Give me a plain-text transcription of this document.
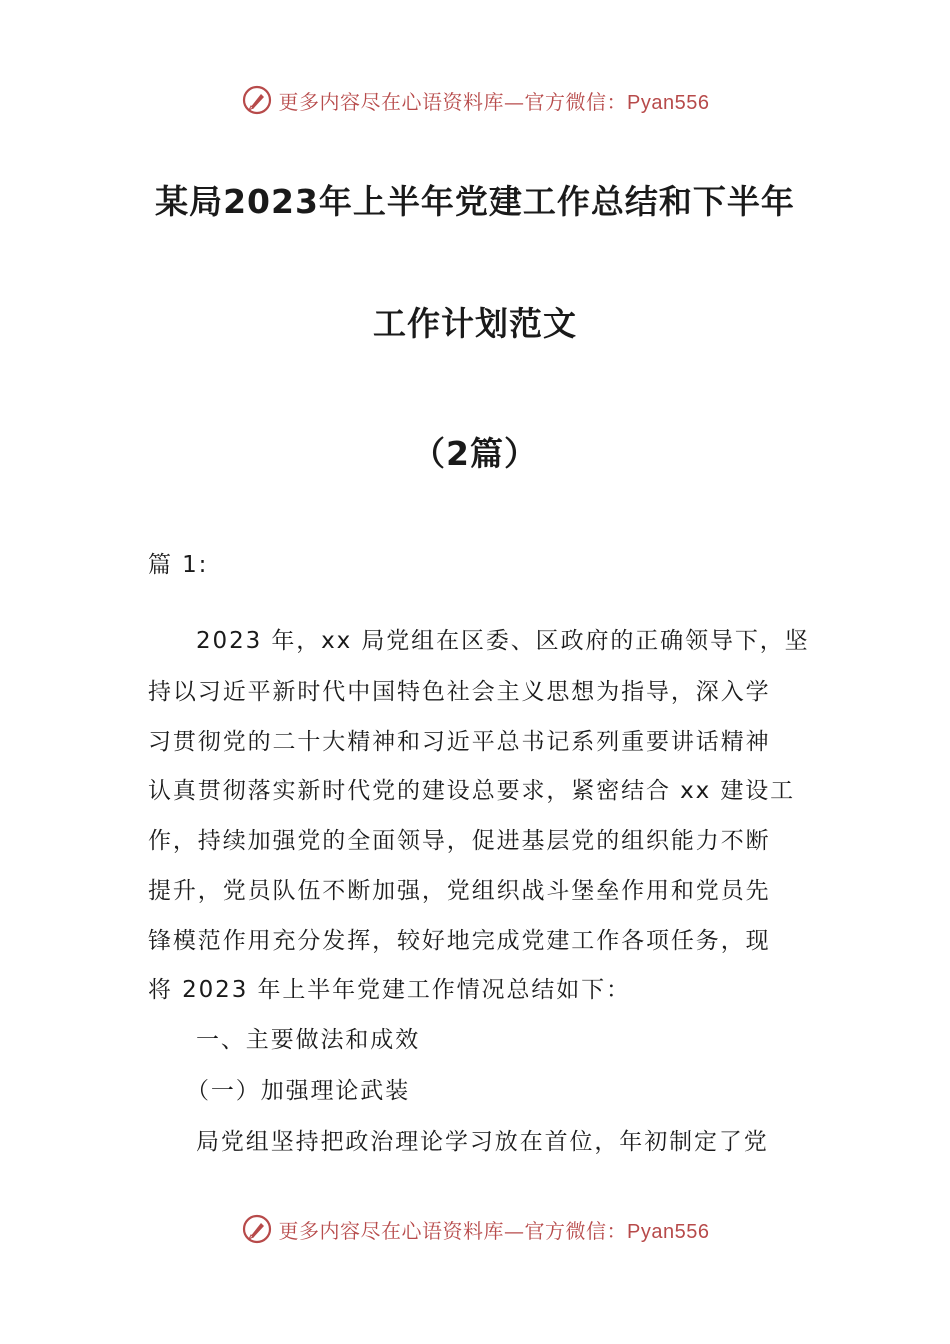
更多内容尽在心语资料库—官方微信：Pyan556
某局2023年上半年党建工作总结和下半年
工作计划范文
（2篇）
篇 1:
2023 年，xx 局党组在区委、区政府的正确领导下，坚
持以习近平新时代中国特色社会主义思想为指导，深入学
习贯彻党的二十大精神和习近平总书记系列重要讲话精神
认真贯彻落实新时代党的建设总要求，紧密结合 xx 建设工
作，持续加强党的全面领导，促进基层党的组织能力不断
提升，党员队伍不断加强，党组织战斗堡垒作用和党员先
锋模范作用充分发挥，较好地完成党建工作各项任务，现
将 2023 年上半年党建工作情况总结如下：
一、主要做法和成效
（一）加强理论武装
局党组坚持把政治理论学习放在首位，年初制定了党
更多内容尽在心语资料库—官方微信：Pyan556
